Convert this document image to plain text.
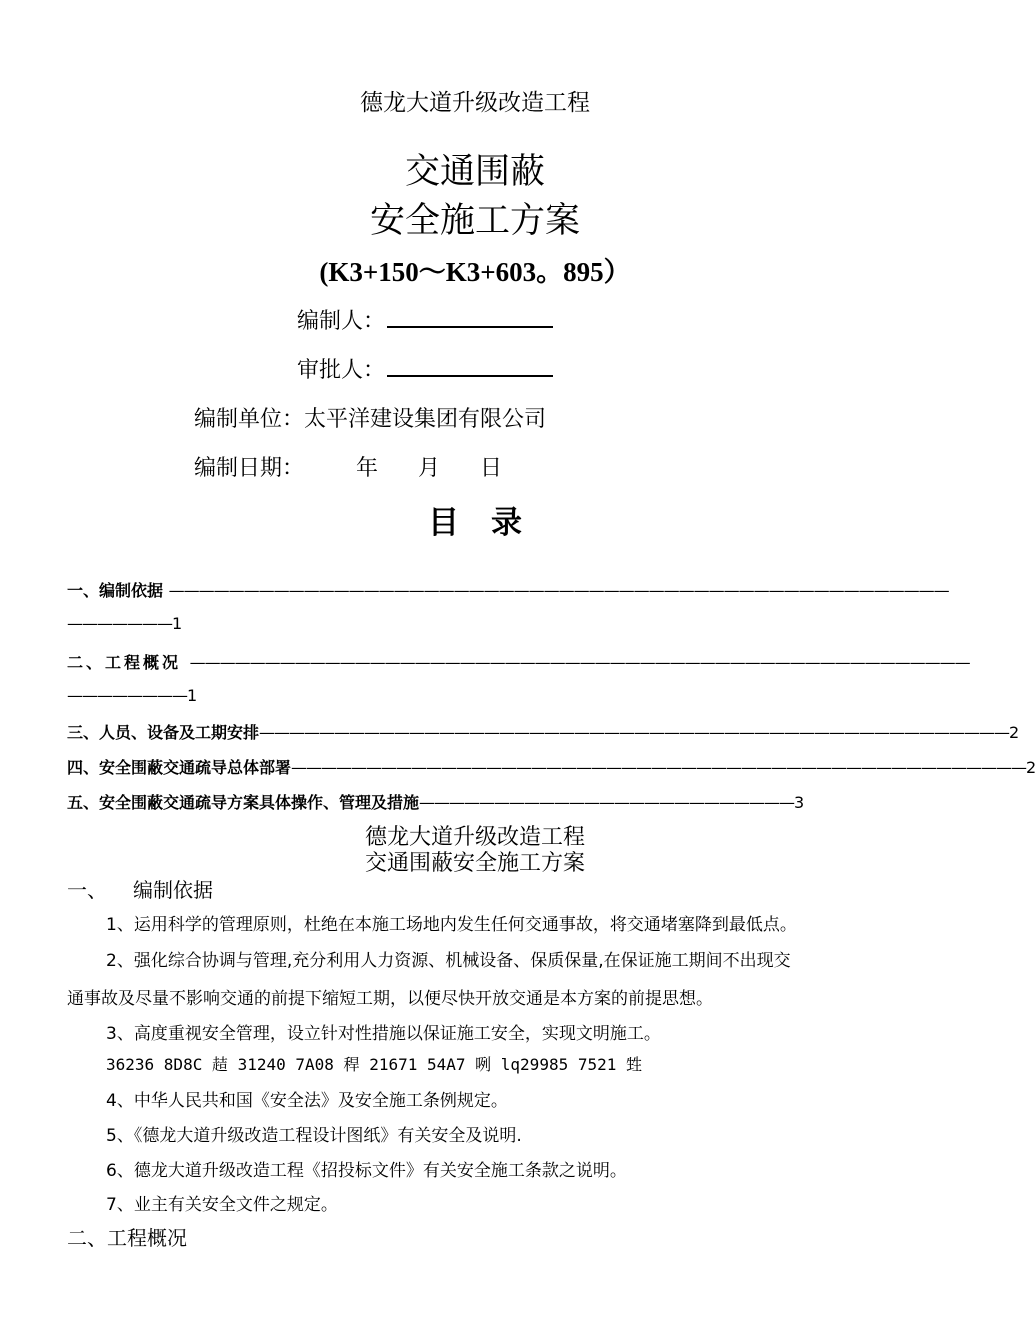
德龙大道升级改造工程
交通围蔽
安全施工方案
(K3+150～K3+603。895）
编制人：
审批人：
编制单位：太平洋建设集团有限公司
编制日期： 年 月 日
目录
一、编制依据 ————————————————————————————————————————————————————
———————1
二、工程概况 ————————————————————————————————————————————————————
————————1
三、人员、设备及工期安排——————————————————————————————————————————————————2
四、安全围蔽交通疏导总体部署—————————————————————————————————————————————————2
五、安全围蔽交通疏导方案具体操作、管理及措施—————————————————————————3
德龙大道升级改造工程
交通围蔽安全施工方案
一、 编制依据
1、运用科学的管理原则，杜绝在本施工场地内发生任何交通事故，将交通堵塞降到最低点。
2、强化综合协调与管理,充分利用人力资源、机械设备、保质保量,在保证施工期间不出现交
通事故及尽量不影响交通的前提下缩短工期，以便尽快开放交通是本方案的前提思想。
3、高度重视安全管理，设立针对性措施以保证施工安全，实现文明施工。
36236 8D8C 趌 31240 7A08 稈 21671 54A7 咧 lq29985 7521 甡
4、中华人民共和国《安全法》及安全施工条例规定。
5、《德龙大道升级改造工程设计图纸》有关安全及说明.
6、德龙大道升级改造工程《招投标文件》有关安全施工条款之说明。
7、业主有关安全文件之规定。
二、工程概况
